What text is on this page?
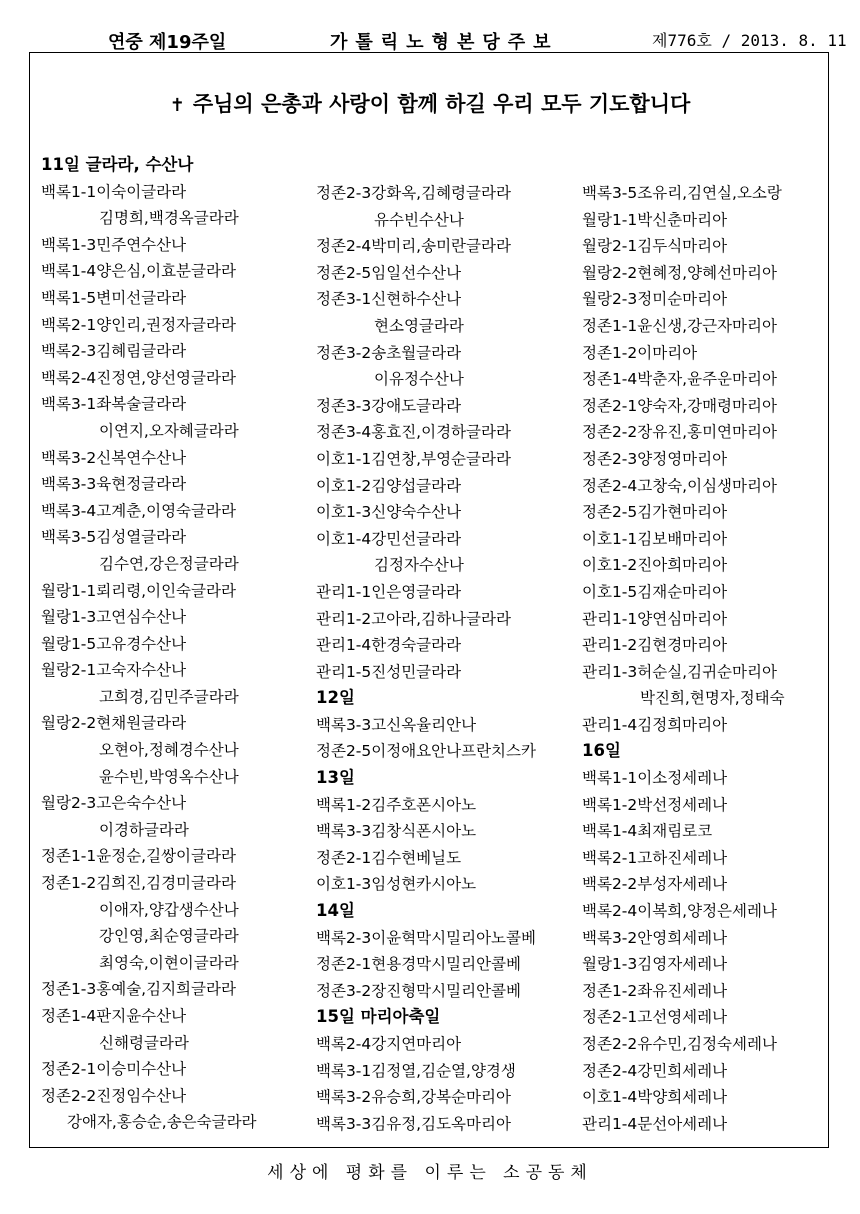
연중 제19주일	가톨릭노형본당주보	제776호 / 2013. 8. 11
✝ 주님의 은총과 사랑이 함께 하길 우리 모두 기도합니다
11일 글라라, 수산나
백록1-1이숙이글라라
김명희,백경옥글라라
백록1-3민주연수산나
백록1-4양은심,이효분글라라
백록1-5변미선글라라
백록2-1양인리,권정자글라라
백록2-3김혜림글라라
백록2-4진정연,양선영글라라
백록3-1좌복술글라라
이연지,오자혜글라라
백록3-2신복연수산나
백록3-3육현정글라라
백록3-4고계춘,이영숙글라라
백록3-5김성열글라라
김수연,강은정글라라
월랑1-1뢰리령,이인숙글라라
월랑1-3고연심수산나
월랑1-5고유경수산나
월랑2-1고숙자수산나
고희경,김민주글라라
월랑2-2현채원글라라
오현아,정혜경수산나
윤수빈,박영옥수산나
월랑2-3고은숙수산나
이경하글라라
정존1-1윤정순,길쌍이글라라
정존1-2김희진,김경미글라라
이애자,양갑생수산나
강인영,최순영글라라
최영숙,이현이글라라
정존1-3홍예술,김지희글라라
정존1-4판지윤수산나
신해령글라라
정존2-1이승미수산나
정존2-2진정임수산나
강애자,홍승순,송은숙글라라
정존2-3강화옥,김혜령글라라
유수빈수산나
정존2-4박미리,송미란글라라
정존2-5임일선수산나
정존3-1신현하수산나
현소영글라라
정존3-2송초월글라라
이유정수산나
정존3-3강애도글라라
정존3-4홍효진,이경하글라라
이호1-1김연창,부영순글라라
이호1-2김양섭글라라
이호1-3신양숙수산나
이호1-4강민선글라라
김정자수산나
관리1-1인은영글라라
관리1-2고아라,김하나글라라
관리1-4한경숙글라라
관리1-5진성민글라라
12일
백록3-3고신옥율리안나
정존2-5이정애요안나프란치스카
13일
백록1-2김주호폰시아노
백록3-3김창식폰시아노
정존2-1김수현베닐도
이호1-3임성현카시아노
14일
백록2-3이윤혁막시밀리아노콜베
정존2-1현용경막시밀리안콜베
정존3-2장진형막시밀리안콜베
15일 마리아축일
백록2-4강지연마리아
백록3-1김정열,김순열,양경생
백록3-2유승희,강복순마리아
백록3-3김유정,김도옥마리아
백록3-5조유리,김연실,오소랑
월랑1-1박신춘마리아
월랑2-1김두식마리아
월랑2-2현혜정,양혜선마리아
월랑2-3정미순마리아
정존1-1윤신생,강근자마리아
정존1-2이마리아
정존1-4박춘자,윤주운마리아
정존2-1양숙자,강매령마리아
정존2-2장유진,홍미연마리아
정존2-3양정영마리아
정존2-4고창숙,이심생마리아
정존2-5김가현마리아
이호1-1김보배마리아
이호1-2진아희마리아
이호1-5김재순마리아
관리1-1양연심마리아
관리1-2김현경마리아
관리1-3허순실,김귀순마리아
박진희,현명자,정태숙
관리1-4김정희마리아
16일
백록1-1이소정세레나
백록1-2박선정세레나
백록1-4최재림로코
백록2-1고하진세레나
백록2-2부성자세레나
백록2-4이복희,양정은세레나
백록3-2안영희세레나
월랑1-3김영자세레나
정존1-2좌유진세레나
정존2-1고선영세레나
정존2-2유수민,김정숙세레나
정존2-4강민희세레나
이호1-4박양희세레나
관리1-4문선아세레나
세상에 평화를 이루는 소공동체
